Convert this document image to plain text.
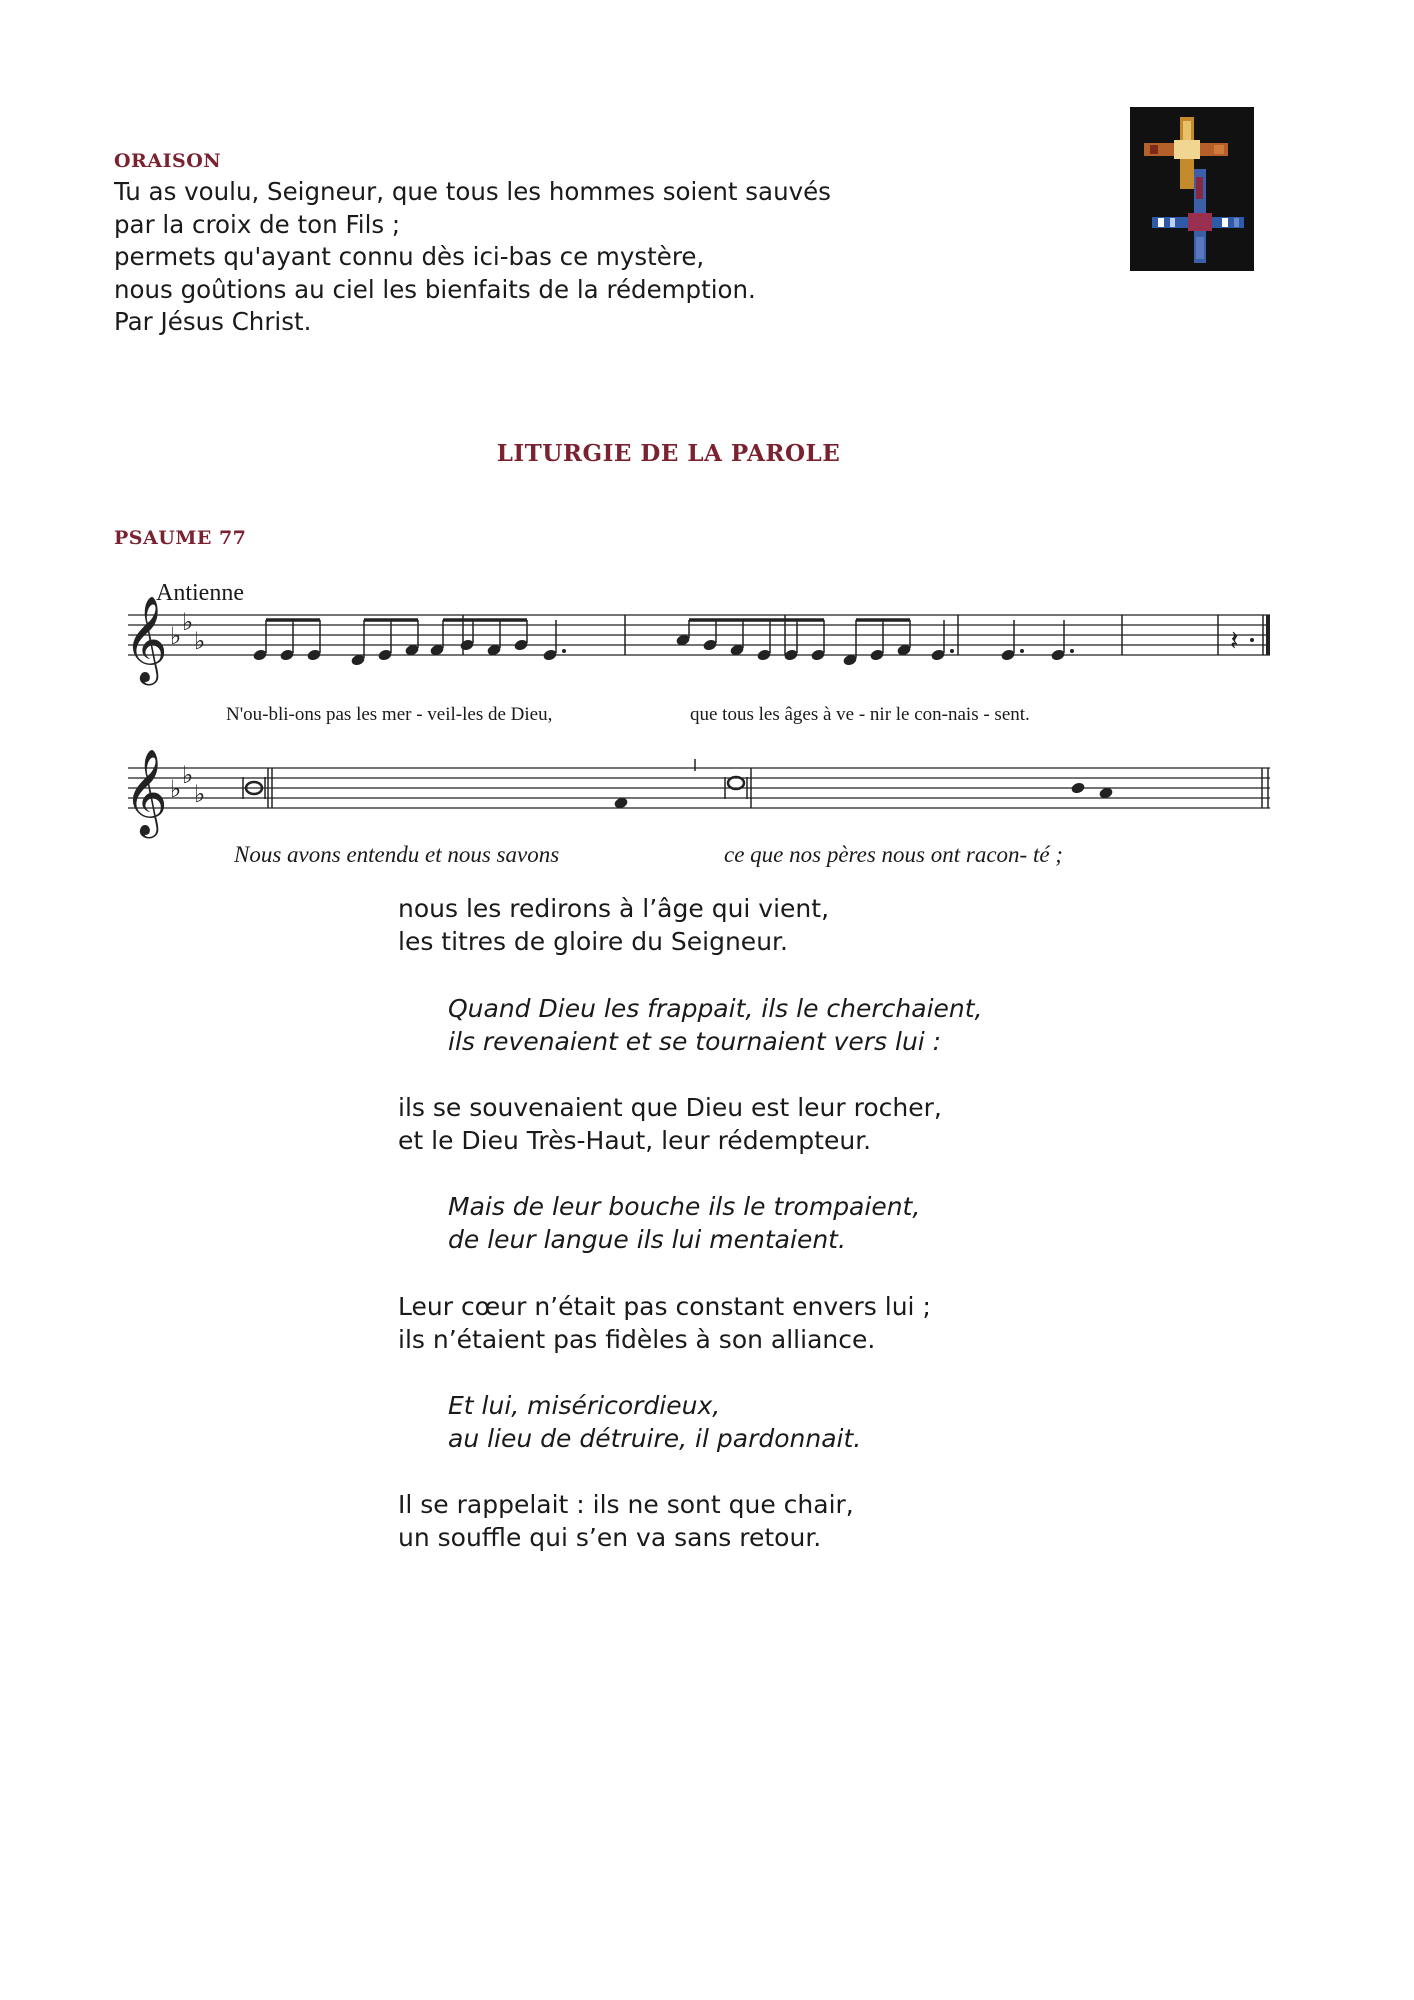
ORAISON
Tu as voulu, Seigneur, que tous les hommes soient sauvés
par la croix de ton Fils ;
permets qu'ayant connu dès ici-bas ce mystère,
nous goûtions au ciel les bienfaits de la rédemption.
Par Jésus Christ.
LITURGIE DE LA PAROLE
PSAUME 77
Antienne
𝄞 ♭ ♭
♭	𝄽
N'ou-bli-ons pas les mer - veil-les de Dieu,	que tous les âges à ve - nir le con-nais - sent.
𝄞 ♭ ♭
♭
Nous avons entendu et nous savons	ce que nos pères nous ont racon- té ;
nous les redirons à l’âge qui vient,
les titres de gloire du Seigneur.
Quand Dieu les frappait, ils le cherchaient,
ils revenaient et se tournaient vers lui :
ils se souvenaient que Dieu est leur rocher,
et le Dieu Très-Haut, leur rédempteur.
Mais de leur bouche ils le trompaient,
de leur langue ils lui mentaient.
Leur cœur n’était pas constant envers lui ;
ils n’étaient pas fidèles à son alliance.
Et lui, miséricordieux,
au lieu de détruire, il pardonnait.
Il se rappelait : ils ne sont que chair,
un souffle qui s’en va sans retour.
